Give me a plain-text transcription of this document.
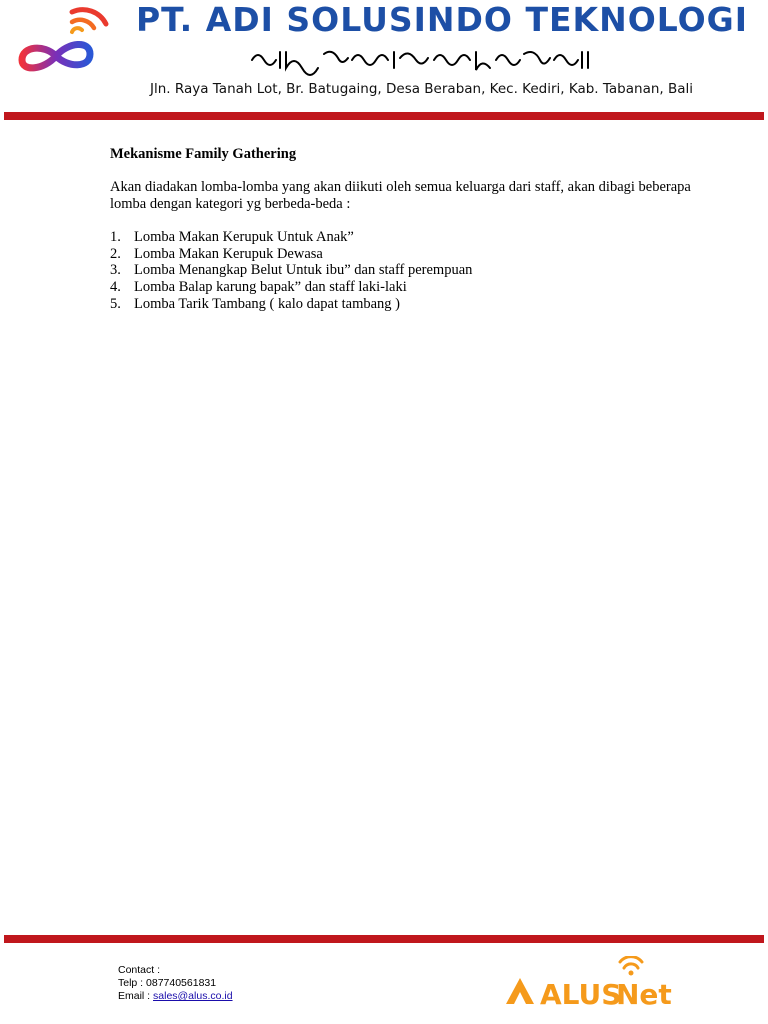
PT. ADI SOLUSINDO TEKNOLOGI
Jln. Raya Tanah Lot, Br. Batugaing, Desa Beraban, Kec. Kediri, Kab. Tabanan, Bali
Mekanisme Family Gathering
Akan diadakan lomba-lomba yang akan diikuti oleh semua keluarga dari staff, akan dibagi beberapa lomba dengan kategori yg berbeda-beda :
1. Lomba Makan Kerupuk Untuk Anak”
2. Lomba Makan Kerupuk Dewasa
3. Lomba Menangkap Belut Untuk ibu” dan staff perempuan
4. Lomba Balap karung bapak” dan staff laki-laki
5. Lomba Tarik Tambang ( kalo dapat tambang )
Contact :
Telp : 087740561831
Email : sales@alus.co.id	ALUS
Net
